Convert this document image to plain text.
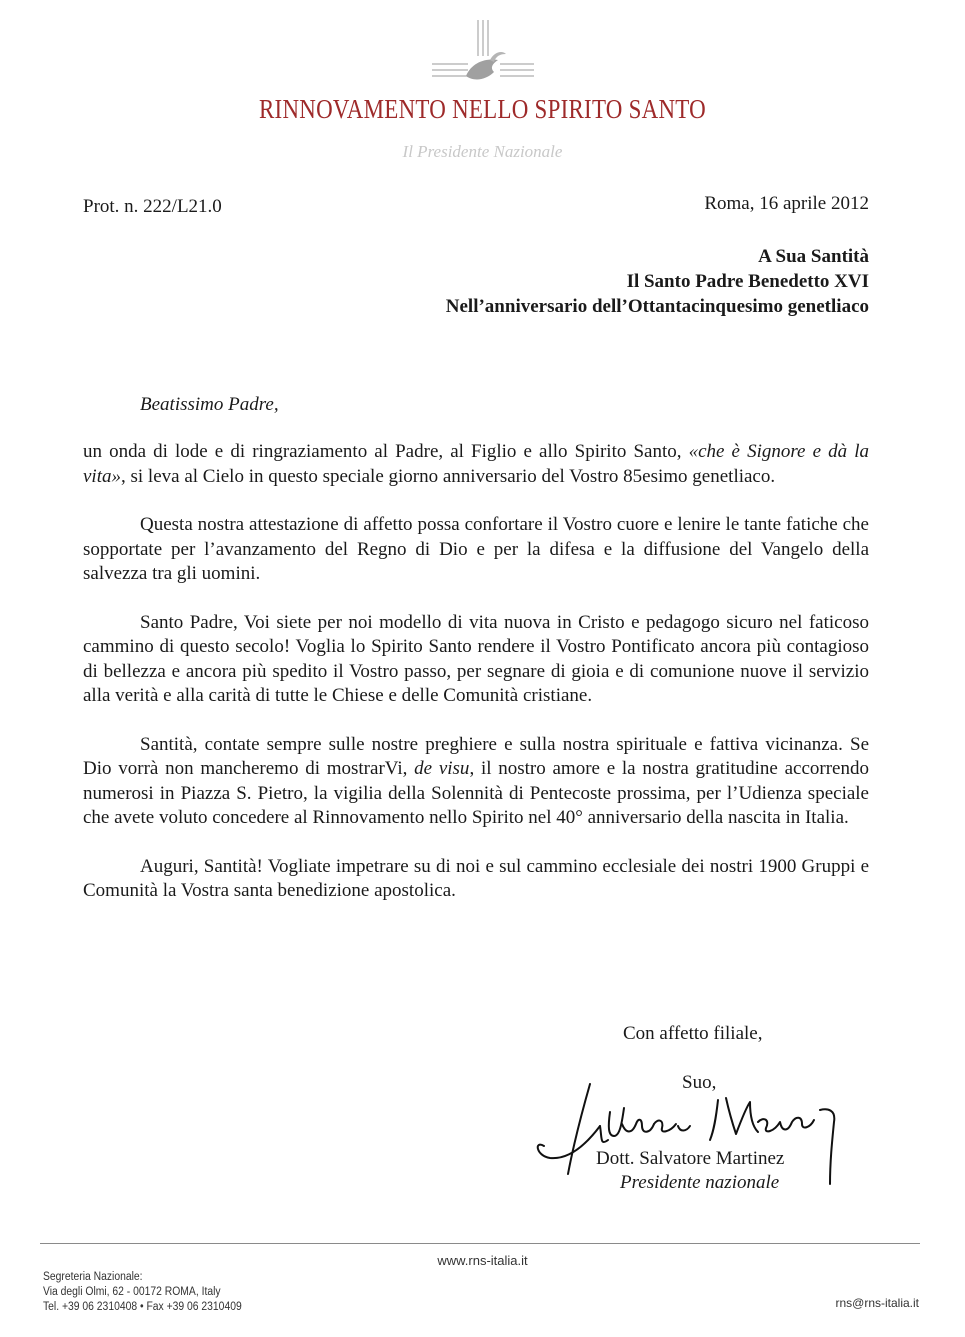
RINNOVAMENTO NELLO SPIRITO SANTO
Il Presidente Nazionale
Prot. n. 222/L21.0	Roma, 16 aprile 2012
A Sua Santità
Il Santo Padre Benedetto XVI
Nell’anniversario dell’Ottantacinquesimo genetliaco
Beatissimo Padre,

un onda di lode e di ringraziamento al Padre, al Figlio e allo Spirito Santo, «che è Signore e dà la vita», si leva al Cielo in questo speciale giorno anniversario del Vostro 85esimo genetliaco.

Questa nostra attestazione di affetto possa confortare il Vostro cuore e lenire le tante fatiche che sopportate per l’avanzamento del Regno di Dio e per la difesa e la diffusione del Vangelo della salvezza tra gli uomini.

Santo Padre, Voi siete per noi modello di vita nuova in Cristo e pedagogo sicuro nel faticoso cammino di questo secolo! Voglia lo Spirito Santo rendere il Vostro Pontificato ancora più contagioso di bellezza e ancora più spedito il Vostro passo, per segnare di gioia e di comunione nuove il servizio alla verità e alla carità di tutte le Chiese e delle Comunità cristiane.

Santità, contate sempre sulle nostre preghiere e sulla nostra spirituale e fattiva vicinanza. Se Dio vorrà non mancheremo di mostrarVi, de visu, il nostro amore e la nostra gratitudine accorrendo numerosi in Piazza S. Pietro, la vigilia della Solennità di Pentecoste prossima, per l’Udienza speciale che avete voluto concedere al Rinnovamento nello Spirito nel 40° anniversario della nascita in Italia.

Auguri, Santità! Vogliate impetrare su di noi e sul cammino ecclesiale dei nostri 1900 Gruppi e Comunità la Vostra santa benedizione apostolica.

Con affetto filiale,
Suo,
Dott. Salvatore Martinez
Presidente nazionale
www.rns-italia.it
Segreteria Nazionale:
Via degli Olmi, 62 - 00172 ROMA, Italy
Tel. +39 06 2310408 • Fax +39 06 2310409	rns@rns-italia.it
